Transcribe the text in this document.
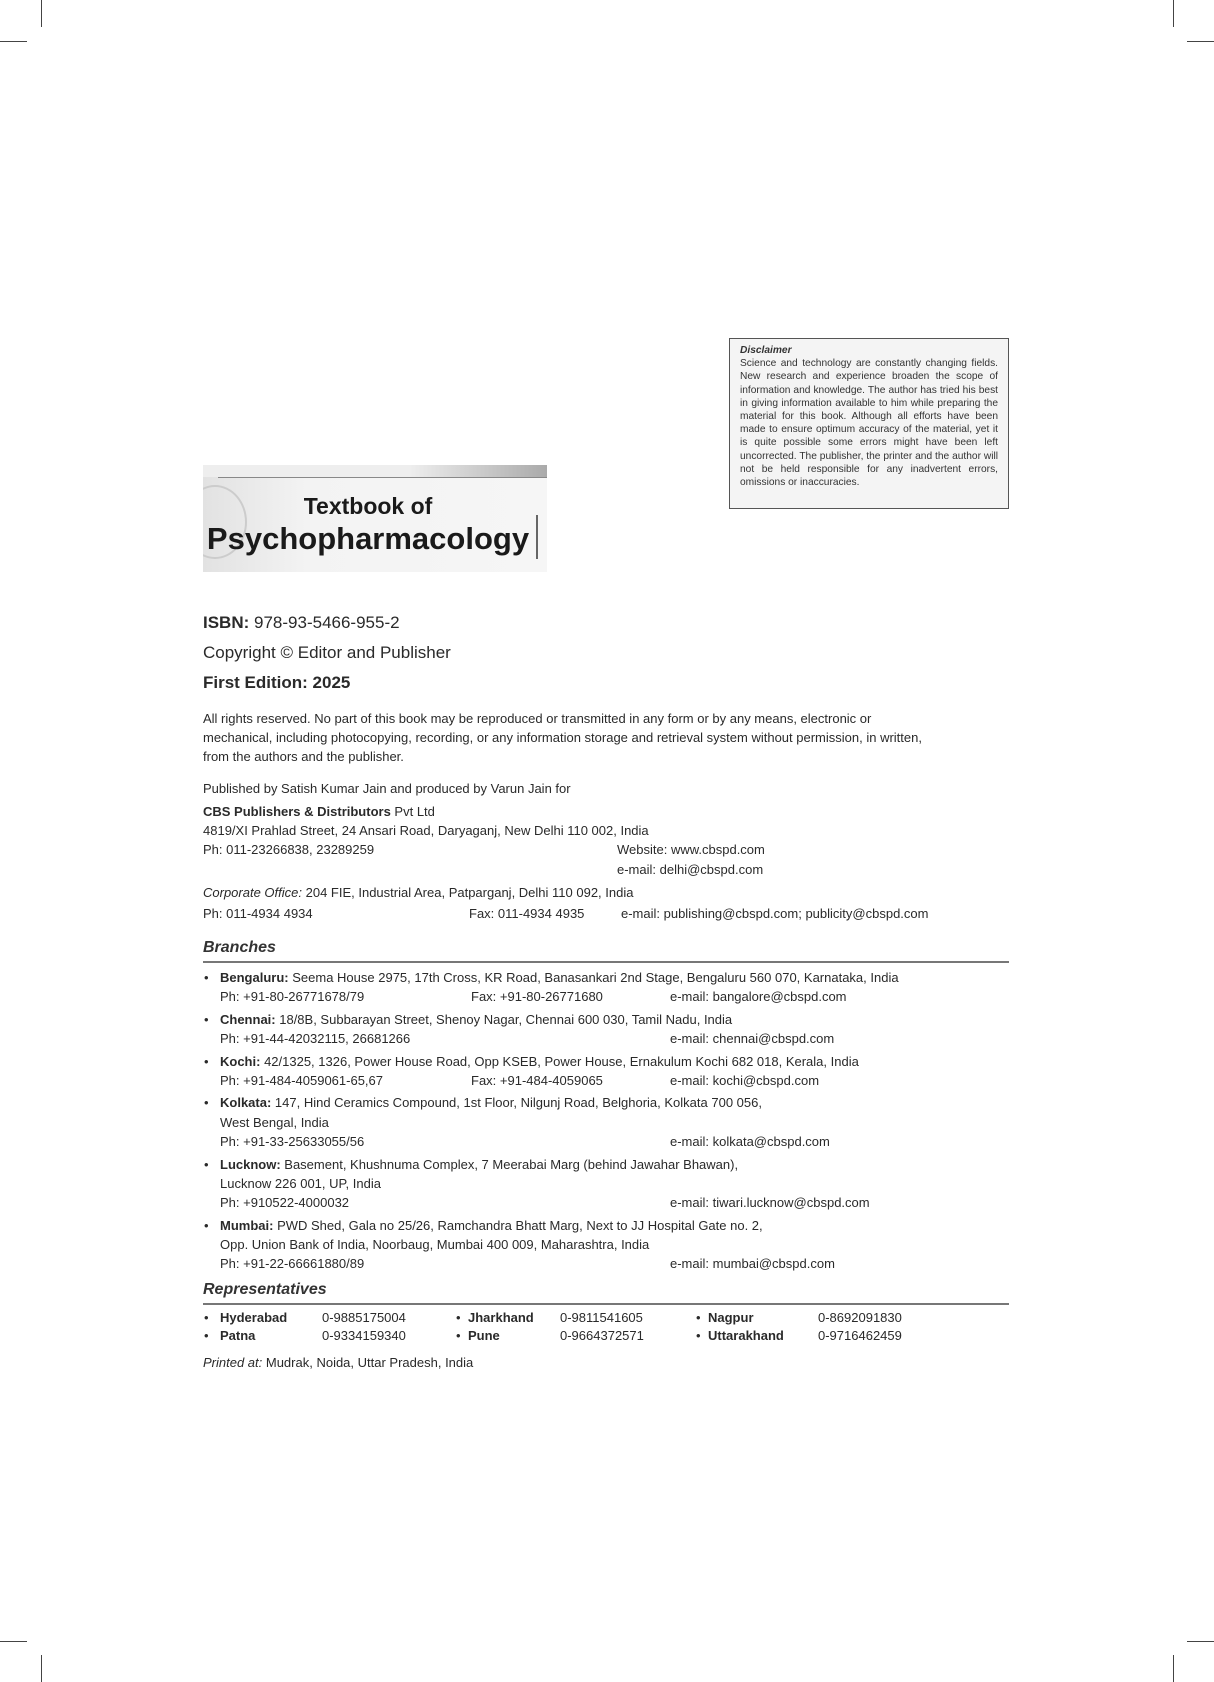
Disclaimer
Science and technology are constantly changing fields. New research and experience broaden the scope of information and knowledge. The author has tried his best in giving information available to him while preparing the material for this book. Although all efforts have been made to ensure optimum accuracy of the material, yet it is quite possible some errors might have been left uncorrected. The publisher, the printer and the author will not be held responsible for any inadvertent errors, omissions or inaccuracies.
Textbook of
Psychopharmacology
ISBN: 978-93-5466-955-2
Copyright © Editor and Publisher
First Edition: 2025
All rights reserved. No part of this book may be reproduced or transmitted in any form or by any means, electronic or
mechanical, including photocopying, recording, or any information storage and retrieval system without permission, in written,
from the authors and the publisher.
Published by Satish Kumar Jain and produced by Varun Jain for
CBS Publishers & Distributors Pvt Ltd
4819/XI Prahlad Street, 24 Ansari Road, Daryaganj, New Delhi 110 002, India
Ph: 011-23266838, 23289259	Website: www.cbspd.com
e-mail: delhi@cbspd.com
Corporate Office: 204 FIE, Industrial Area, Patparganj, Delhi 110 092, India
Ph: 011-4934 4934	Fax: 011-4934 4935	e-mail: publishing@cbspd.com; publicity@cbspd.com
Branches
• Bengaluru: Seema House 2975, 17th Cross, KR Road, Banasankari 2nd Stage, Bengaluru 560 070, Karnataka, India
Ph: +91-80-26771678/79	Fax: +91-80-26771680	e-mail: bangalore@cbspd.com
• Chennai: 18/8B, Subbarayan Street, Shenoy Nagar, Chennai 600 030, Tamil Nadu, India
Ph: +91-44-42032115, 26681266	e-mail: chennai@cbspd.com
• Kochi: 42/1325, 1326, Power House Road, Opp KSEB, Power House, Ernakulum Kochi 682 018, Kerala, India
Ph: +91-484-4059061-65,67	Fax: +91-484-4059065	e-mail: kochi@cbspd.com
• Kolkata: 147, Hind Ceramics Compound, 1st Floor, Nilgunj Road, Belghoria, Kolkata 700 056,
West Bengal, India
Ph: +91-33-25633055/56	e-mail: kolkata@cbspd.com
• Lucknow: Basement, Khushnuma Complex, 7 Meerabai Marg (behind Jawahar Bhawan),
Lucknow 226 001, UP, India
Ph: +910522-4000032	e-mail: tiwari.lucknow@cbspd.com
• Mumbai: PWD Shed, Gala no 25/26, Ramchandra Bhatt Marg, Next to JJ Hospital Gate no. 2,
Opp. Union Bank of India, Noorbaug, Mumbai 400 009, Maharashtra, India
Ph: +91-22-66661880/89	e-mail: mumbai@cbspd.com
Representatives
• Hyderabad	0-9885175004	• Jharkhand 0-9811541605	• Nagpur	0-8692091830
• Patna	0-9334159340	• Pune	0-9664372571	• Uttarakhand	0-9716462459
Printed at: Mudrak, Noida, Uttar Pradesh, India
